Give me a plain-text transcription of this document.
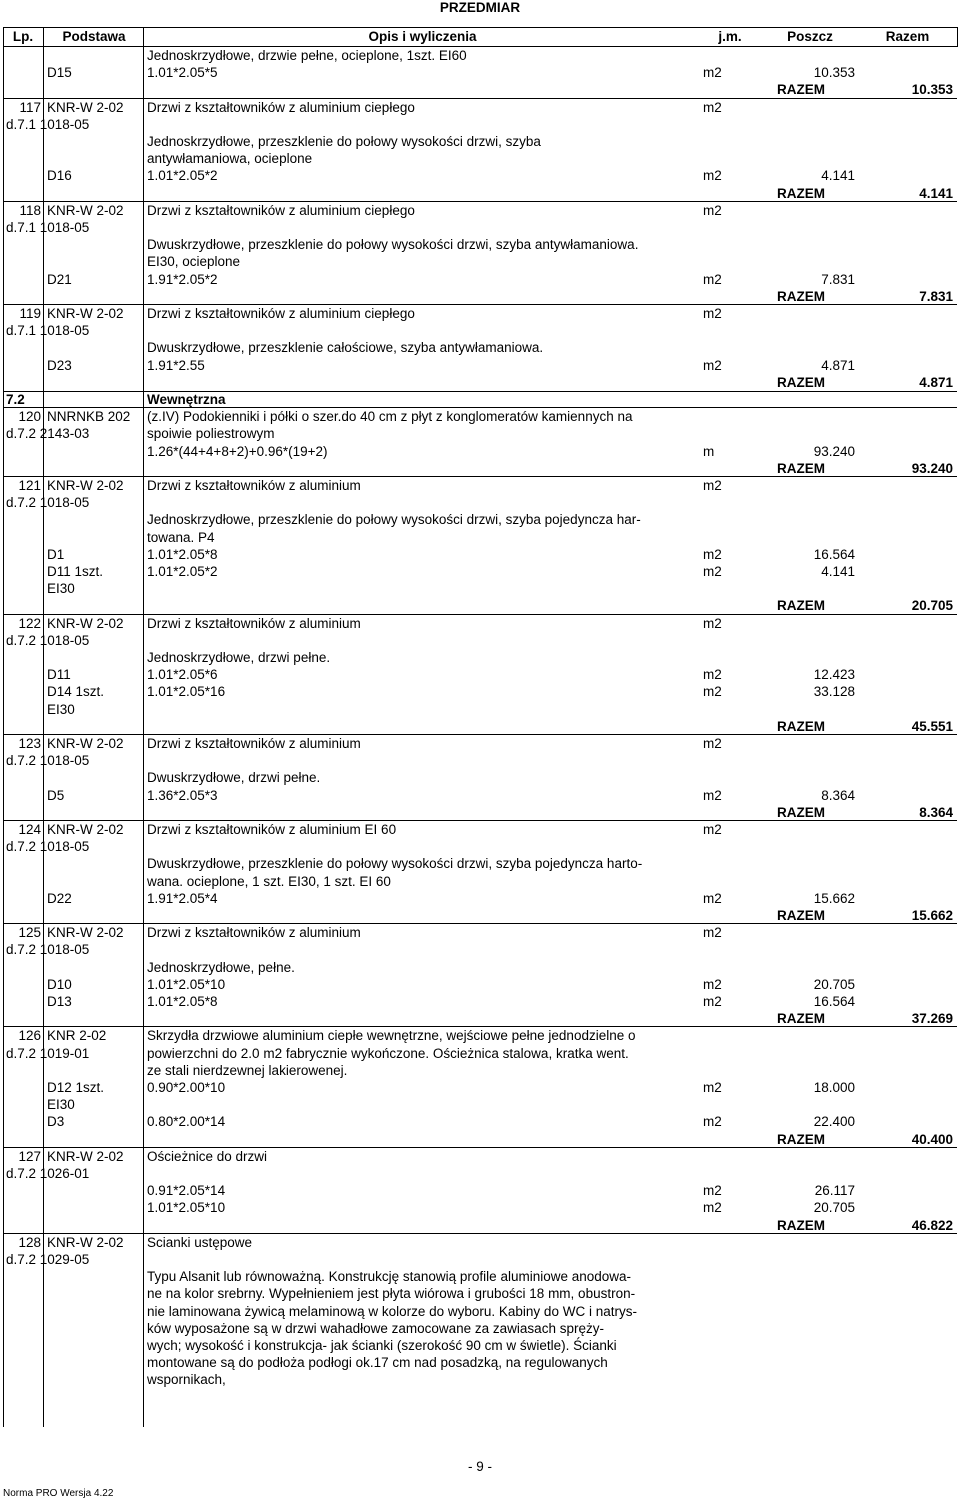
PRZEDMIAR
Lp.	Podstawa	Opis i wyliczenia	j.m.	Poszcz	Razem
Jednoskrzydłowe, drzwie pełne, ocieplone, 1szt. EI60
D15	1.01*2.05*5	m2	10.353
RAZEM	10.353
117 KNR-W 2-02
d.7.1 1018-05
Drzwi z kształtowników z aluminium ciepłego	m2
Jednoskrzydłowe, przeszklenie do połowy wysokości drzwi, szyba
antywłamaniowa, ocieplone
D16	1.01*2.05*2	m2	4.141
RAZEM	4.141
118 KNR-W 2-02
d.7.1 1018-05
Drzwi z kształtowników z aluminium ciepłego	m2
Dwuskrzydłowe, przeszklenie do połowy wysokości drzwi, szyba antywłamaniowa.
EI30, ocieplone
D21	1.91*2.05*2	m2	7.831
RAZEM	7.831
119 KNR-W 2-02
d.7.1 1018-05
Drzwi z kształtowników z aluminium ciepłego	m2
Dwuskrzydłowe, przeszklenie całościowe, szyba antywłamaniowa.
D23	1.91*2.55	m2	4.871
RAZEM	4.871
7.2	Wewnętrzna
120 NNRNKB 202
d.7.2 2143-03
(z.IV) Podokienniki i półki o szer.do 40 cm z płyt z konglomeratów kamiennych na
spoiwie poliestrowym
1.26*(44+4+8+2)+0.96*(19+2)	m	93.240
RAZEM	93.240
121 KNR-W 2-02
d.7.2 1018-05
Drzwi z kształtowników z aluminium	m2
Jednoskrzydłowe, przeszklenie do połowy wysokości drzwi, szyba pojedyncza har-
towana. P4
D1	1.01*2.05*8	m2	16.564
D11 1szt.	1.01*2.05*2	m2	4.141
EI30
RAZEM	20.705
122 KNR-W 2-02
d.7.2 1018-05
Drzwi z kształtowników z aluminium	m2
Jednoskrzydłowe, drzwi pełne.
D11	1.01*2.05*6	m2	12.423
D14 1szt.	1.01*2.05*16	m2	33.128
EI30
RAZEM	45.551
123 KNR-W 2-02
d.7.2 1018-05
Drzwi z kształtowników z aluminium	m2
Dwuskrzydłowe, drzwi pełne.
D5	1.36*2.05*3	m2	8.364
RAZEM	8.364
124 KNR-W 2-02
d.7.2 1018-05
Drzwi z kształtowników z aluminium EI 60	m2
Dwuskrzydłowe, przeszklenie do połowy wysokości drzwi, szyba pojedyncza harto-
wana. ocieplone, 1 szt. EI30, 1 szt. EI 60
D22	1.91*2.05*4	m2	15.662
RAZEM	15.662
125 KNR-W 2-02
d.7.2 1018-05
Drzwi z kształtowników z aluminium	m2
Jednoskrzydłowe, pełne.
D10	1.01*2.05*10	m2	20.705
D13	1.01*2.05*8	m2	16.564
RAZEM	37.269
126 KNR 2-02
d.7.2 1019-01
Skrzydła drzwiowe aluminium ciepłe wewnętrzne, wejściowe pełne jednodzielne o
powierzchni do 2.0 m2 fabrycznie wykończone. Ościeżnica stalowa, kratka went.
ze stali nierdzewnej lakierowenej.
D12 1szt.	0.90*2.00*10	m2	18.000
EI30
D3	0.80*2.00*14	m2	22.400
RAZEM	40.400
127 KNR-W 2-02
d.7.2 1026-01
Ościeżnice do drzwi
0.91*2.05*14	m2	26.117
1.01*2.05*10	m2	20.705
RAZEM	46.822
128 KNR-W 2-02
d.7.2 1029-05
Scianki ustępowe
Typu Alsanit lub równoważną. Konstrukcję stanowią profile aluminiowe anodowa-
ne na kolor srebrny. Wypełnieniem jest płyta wiórowa i grubości 18 mm, obustron-
nie laminowana żywicą melaminową w kolorze do wyboru. Kabiny do WC i natrys-
ków wyposażone są w drzwi wahadłowe zamocowane za zawiasach spręży-
wych; wysokość i konstrukcja- jak ścianki (szerokość 90 cm w świetle). Ścianki
montowane są do podłoża podłogi ok.17 cm nad posadzką, na regulowanych
wspornikach,
- 9 -
Norma PRO Wersja 4.22
